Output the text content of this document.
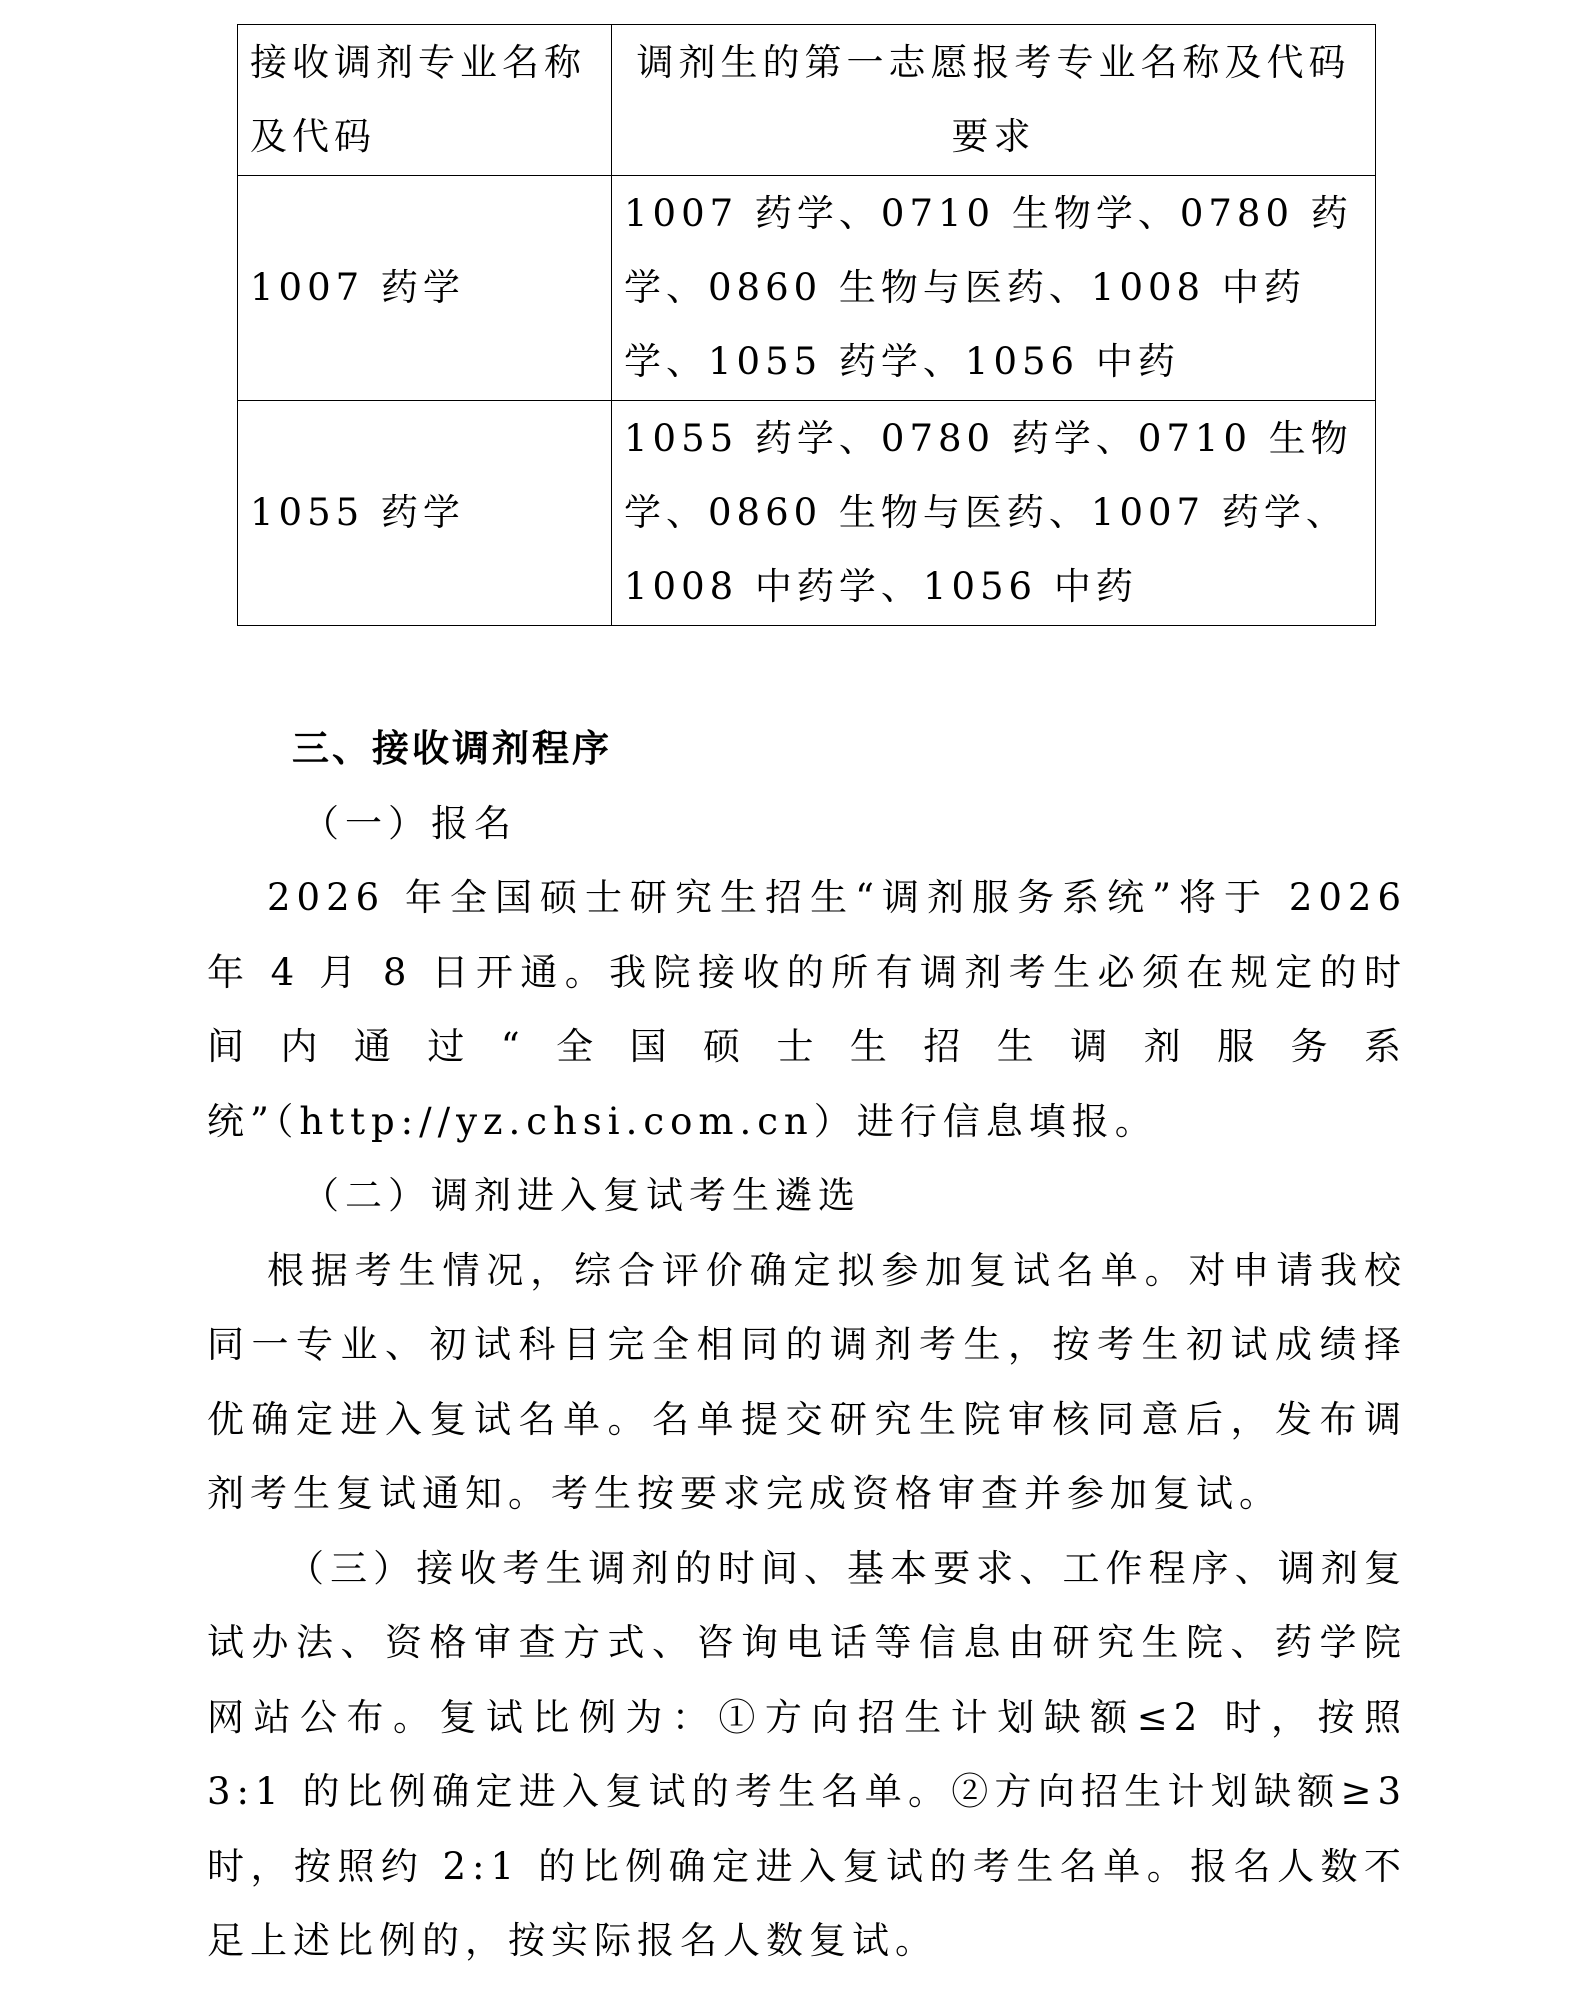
接收调剂专业名称及代码	调剂生的第一志愿报考专业名称及代码要求
1007 药学	1007 药学、0710 生物学、0780 药学、0860 生物与医药、1008 中药学、1055 药学、1056 中药
1055 药学	1055 药学、0780 药学、0710 生物学、0860 生物与医药、1007 药学、1008 中药学、1056 中药

三、接收调剂程序

（一）报名

2026 年全国硕士研究生招生“调剂服务系统”将于 2026 年 4 月 8 日开通。我院接收的所有调剂考生必须在规定的时间内通过“全国硕士生招生调剂服务系统”（http://yz.chsi.com.cn）进行信息填报。

（二）调剂进入复试考生遴选

根据考生情况，综合评价确定拟参加复试名单。对申请我校同一专业、初试科目完全相同的调剂考生，按考生初试成绩择优确定进入复试名单。名单提交研究生院审核同意后，发布调剂考生复试通知。考生按要求完成资格审查并参加复试。

（三）接收考生调剂的时间、基本要求、工作程序、调剂复试办法、资格审查方式、咨询电话等信息由研究生院、药学院网站公布。复试比例为：①方向招生计划缺额≤2 时，按照 3:1 的比例确定进入复试的考生名单。②方向招生计划缺额≥3 时，按照约 2:1 的比例确定进入复试的考生名单。报名人数不足上述比例的，按实际报名人数复试。
